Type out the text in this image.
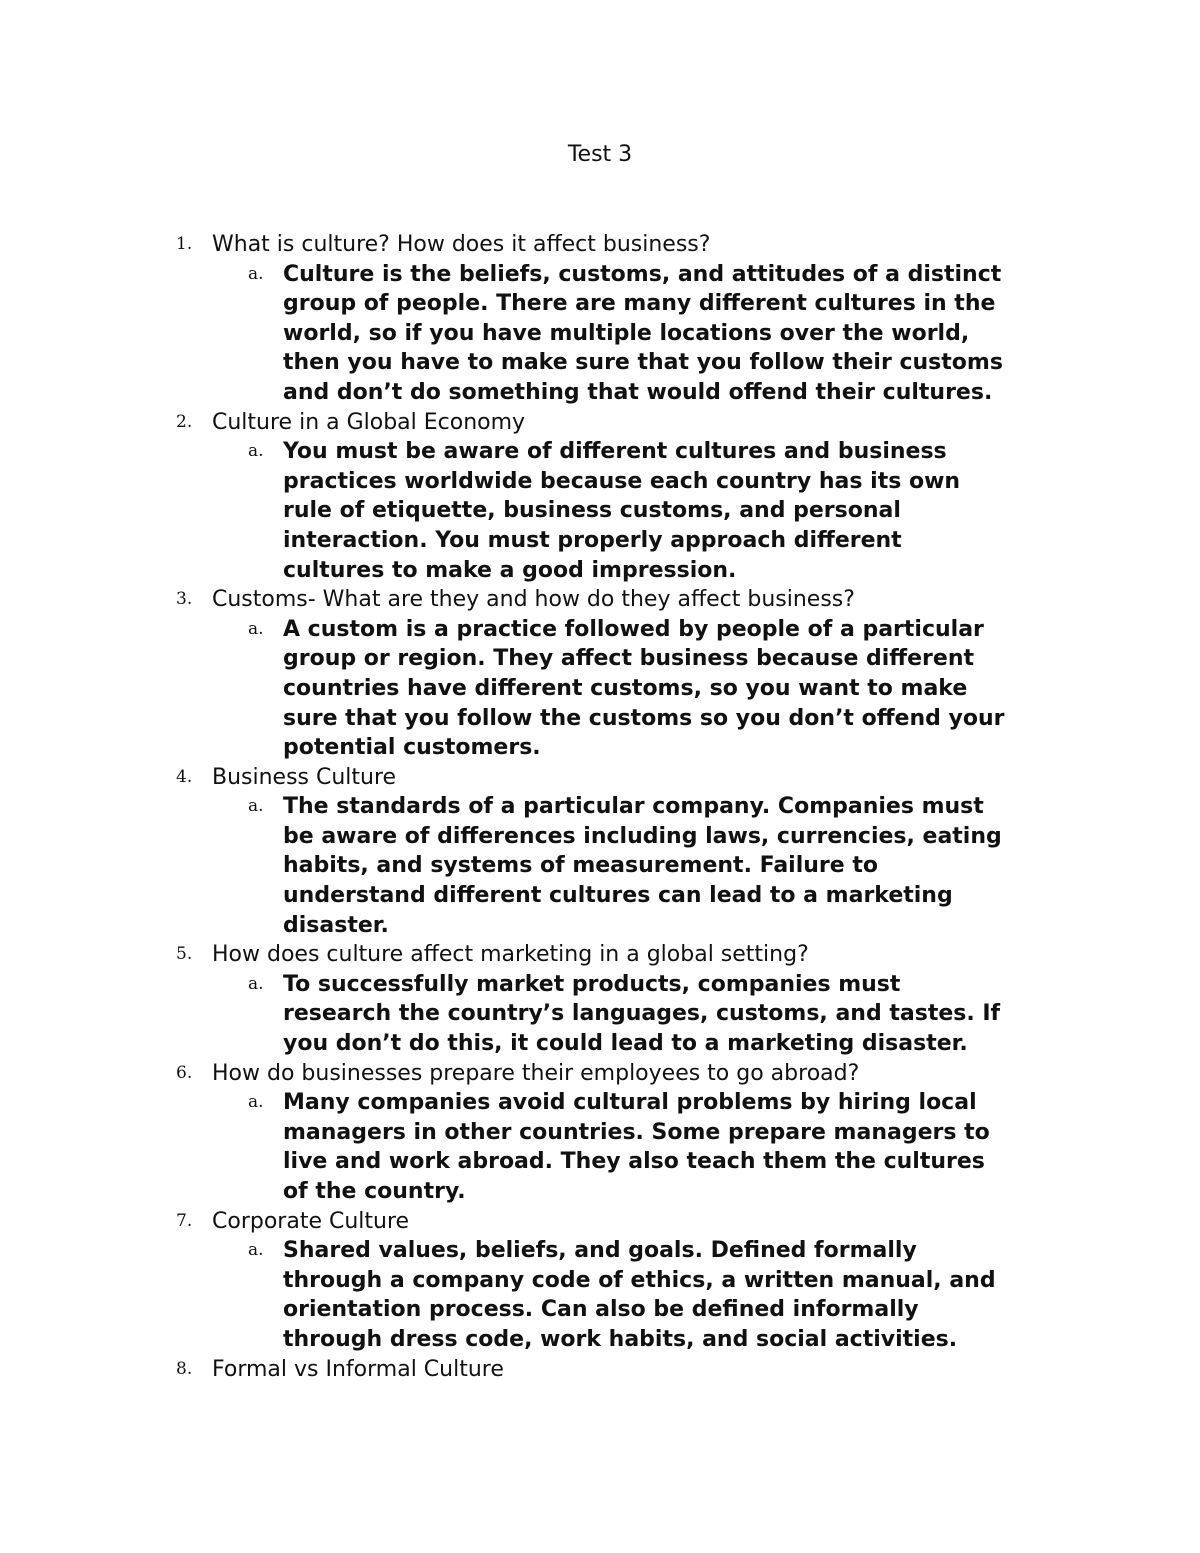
Test 3
1. What is culture? How does it affect business?
a. Culture is the beliefs, customs, and attitudes of a distinct
group of people. There are many different cultures in the
world, so if you have multiple locations over the world,
then you have to make sure that you follow their customs
and don’t do something that would offend their cultures.

2. Culture in a Global Economy
a. You must be aware of different cultures and business
practices worldwide because each country has its own
rule of etiquette, business customs, and personal
interaction. You must properly approach different
cultures to make a good impression.

3. Customs- What are they and how do they affect business?
a. A custom is a practice followed by people of a particular
group or region. They affect business because different
countries have different customs, so you want to make
sure that you follow the customs so you don’t offend your
potential customers.

4. Business Culture
a. The standards of a particular company. Companies must
be aware of differences including laws, currencies, eating
habits, and systems of measurement. Failure to
understand different cultures can lead to a marketing
disaster.

5. How does culture affect marketing in a global setting?
a. To successfully market products, companies must
research the country’s languages, customs, and tastes. If
you don’t do this, it could lead to a marketing disaster.

6. How do businesses prepare their employees to go abroad?
a. Many companies avoid cultural problems by hiring local
managers in other countries. Some prepare managers to
live and work abroad. They also teach them the cultures
of the country.

7. Corporate Culture
a. Shared values, beliefs, and goals. Defined formally
through a company code of ethics, a written manual, and
orientation process. Can also be defined informally
through dress code, work habits, and social activities.

8. Formal vs Informal Culture
